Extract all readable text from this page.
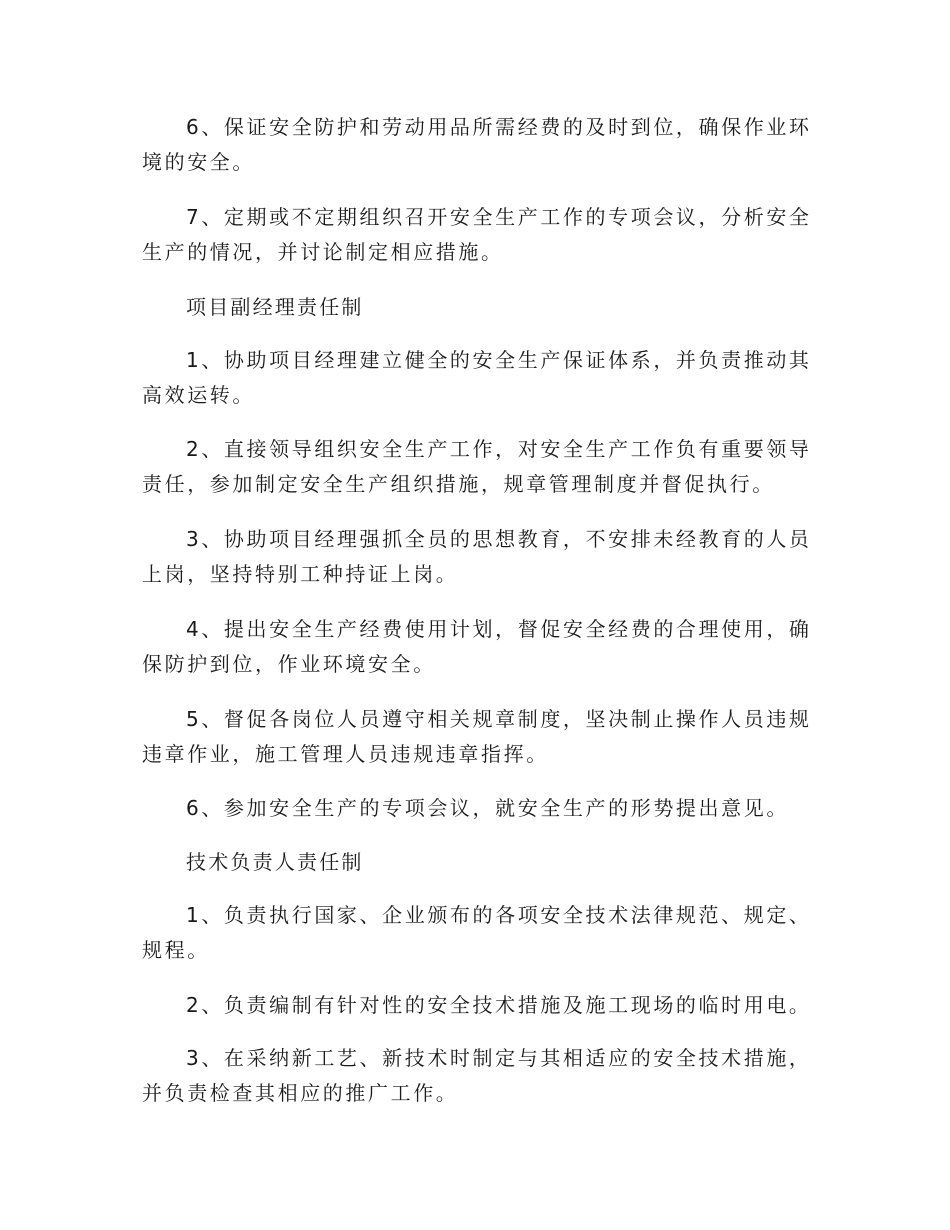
6、保证安全防护和劳动用品所需经费的及时到位，确保作业环境的安全。

7、定期或不定期组织召开安全生产工作的专项会议，分析安全生产的情况，并讨论制定相应措施。

项目副经理责任制

1、协助项目经理建立健全的安全生产保证体系，并负责推动其高效运转。

2、直接领导组织安全生产工作，对安全生产工作负有重要领导责任，参加制定安全生产组织措施，规章管理制度并督促执行。

3、协助项目经理强抓全员的思想教育，不安排未经教育的人员上岗，坚持特别工种持证上岗。

4、提出安全生产经费使用计划，督促安全经费的合理使用，确保防护到位，作业环境安全。

5、督促各岗位人员遵守相关规章制度，坚决制止操作人员违规违章作业，施工管理人员违规违章指挥。

6、参加安全生产的专项会议，就安全生产的形势提出意见。

技术负责人责任制

1、负责执行国家、企业颁布的各项安全技术法律规范、规定、规程。

2、负责编制有针对性的安全技术措施及施工现场的临时用电。

3、在采纳新工艺、新技术时制定与其相适应的安全技术措施，并负责检查其相应的推广工作。
